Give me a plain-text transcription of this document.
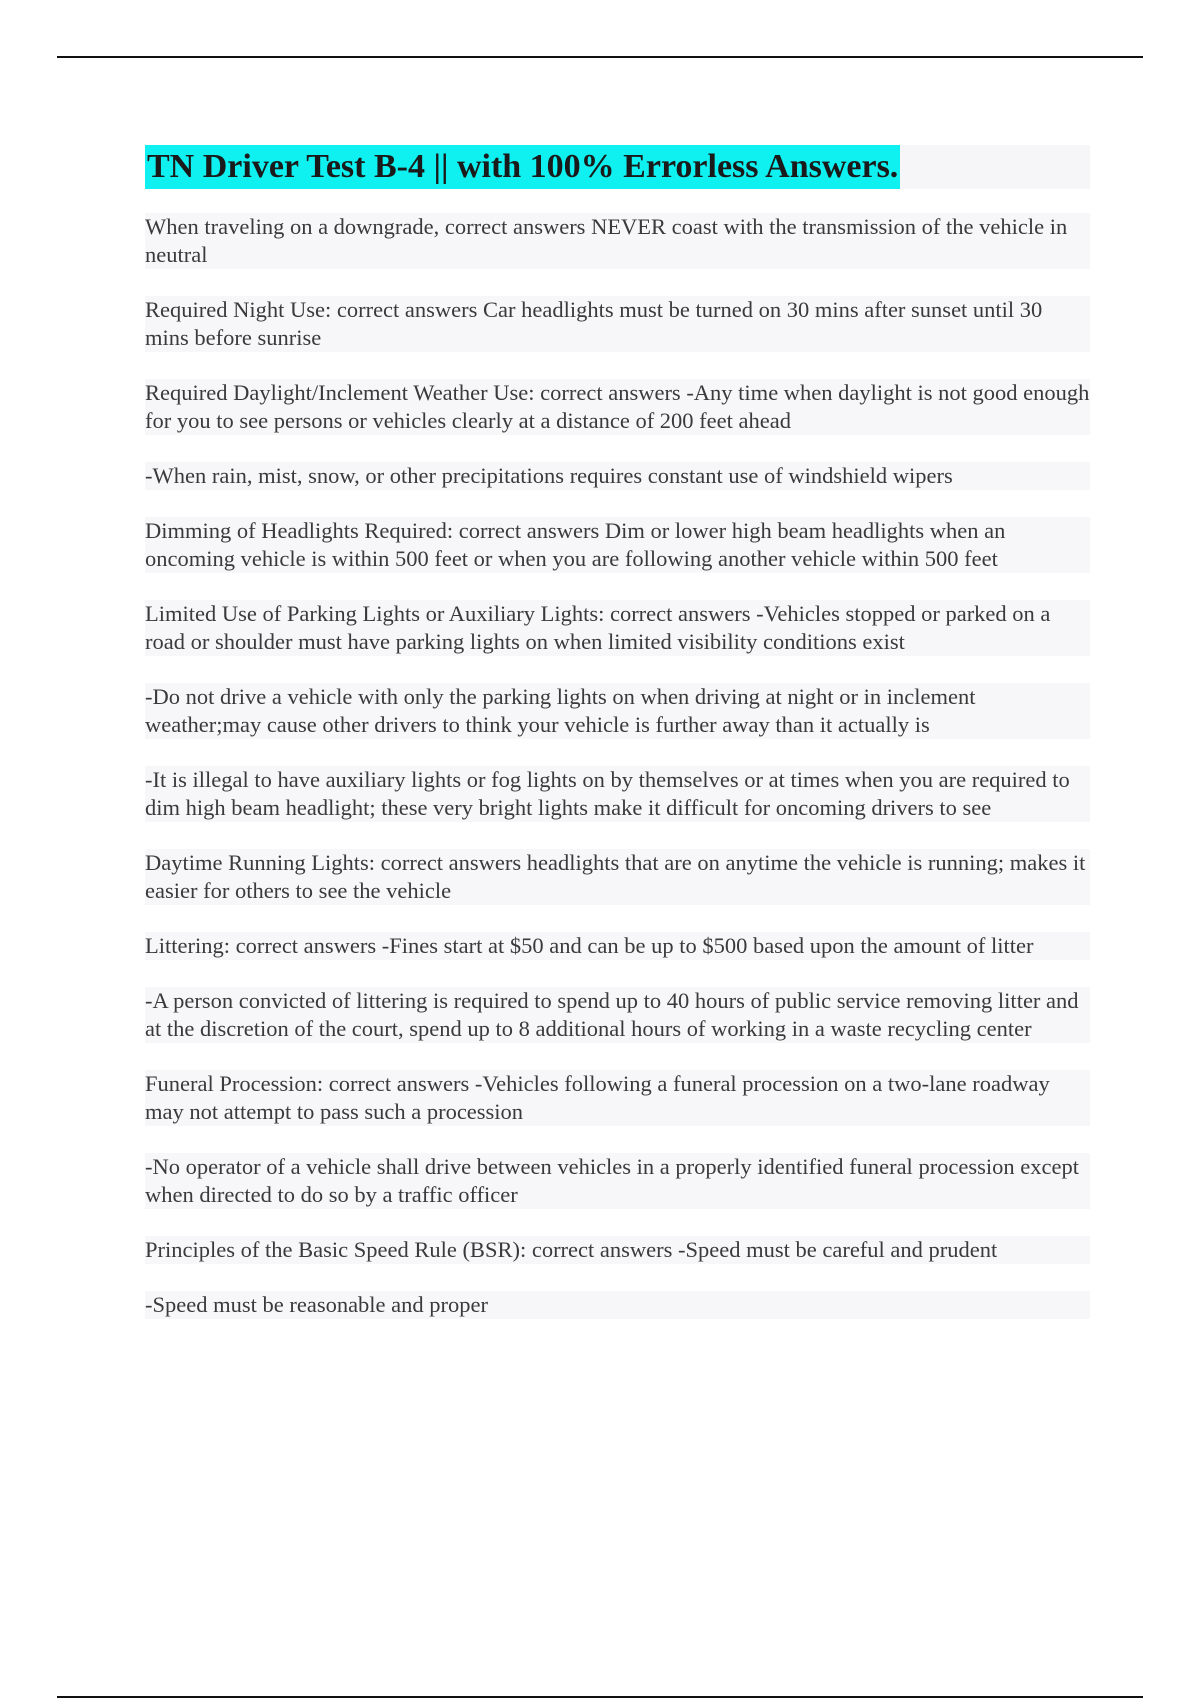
TN Driver Test B-4 || with 100% Errorless Answers.

When traveling on a downgrade, correct answers NEVER coast with the transmission of the vehicle in neutral

Required Night Use: correct answers Car headlights must be turned on 30 mins after sunset until 30 mins before sunrise

Required Daylight/Inclement Weather Use: correct answers -Any time when daylight is not good enough for you to see persons or vehicles clearly at a distance of 200 feet ahead

-When rain, mist, snow, or other precipitations requires constant use of windshield wipers

Dimming of Headlights Required: correct answers Dim or lower high beam headlights when an oncoming vehicle is within 500 feet or when you are following another vehicle within 500 feet

Limited Use of Parking Lights or Auxiliary Lights: correct answers -Vehicles stopped or parked on a road or shoulder must have parking lights on when limited visibility conditions exist

-Do not drive a vehicle with only the parking lights on when driving at night or in inclement weather;may cause other drivers to think your vehicle is further away than it actually is

-It is illegal to have auxiliary lights or fog lights on by themselves or at times when you are required to dim high beam headlight; these very bright lights make it difficult for oncoming drivers to see

Daytime Running Lights: correct answers headlights that are on anytime the vehicle is running; makes it easier for others to see the vehicle

Littering: correct answers -Fines start at $50 and can be up to $500 based upon the amount of litter

-A person convicted of littering is required to spend up to 40 hours of public service removing litter and at the discretion of the court, spend up to 8 additional hours of working in a waste recycling center

Funeral Procession: correct answers -Vehicles following a funeral procession on a two-lane roadway may not attempt to pass such a procession

-No operator of a vehicle shall drive between vehicles in a properly identified funeral procession except when directed to do so by a traffic officer

Principles of the Basic Speed Rule (BSR): correct answers -Speed must be careful and prudent

-Speed must be reasonable and proper
